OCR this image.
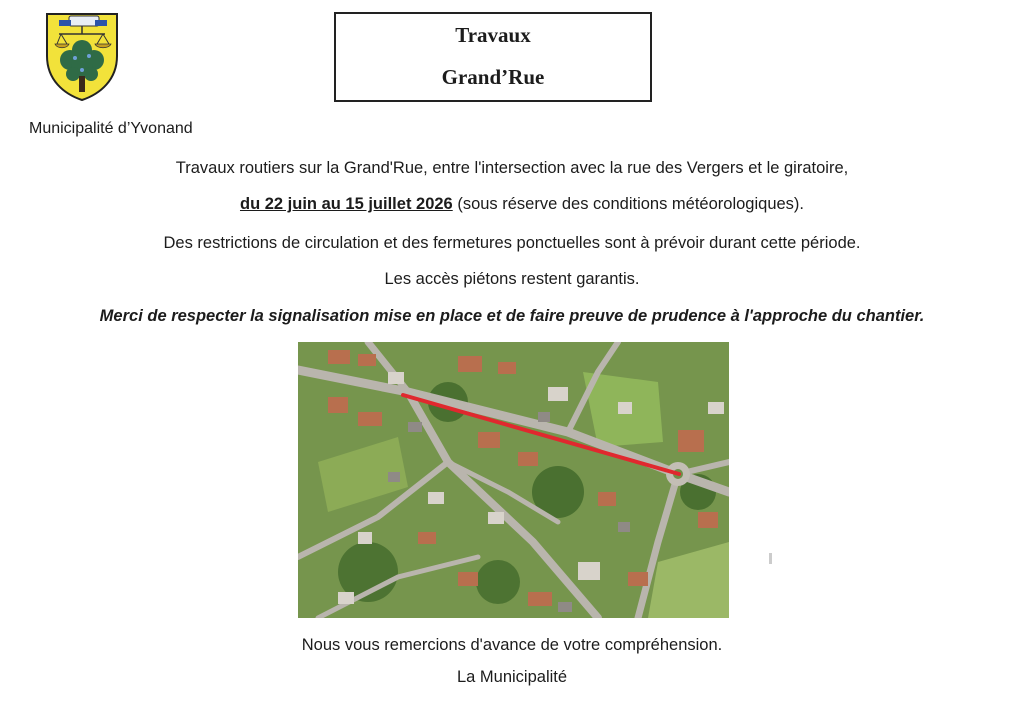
Travaux
Grand’Rue
Municipalité d’Yvonand
Travaux routiers sur la Grand'Rue, entre l'intersection avec la rue des Vergers et le giratoire,
du 22 juin au 15 juillet 2026 (sous réserve des conditions météorologiques).
Des restrictions de circulation et des fermetures ponctuelles sont à prévoir durant cette période.
Les accès piétons restent garantis.
Merci de respecter la signalisation mise en place et de faire preuve de prudence à l'approche du chantier.
Nous vous remercions d'avance de votre compréhension.
La Municipalité
